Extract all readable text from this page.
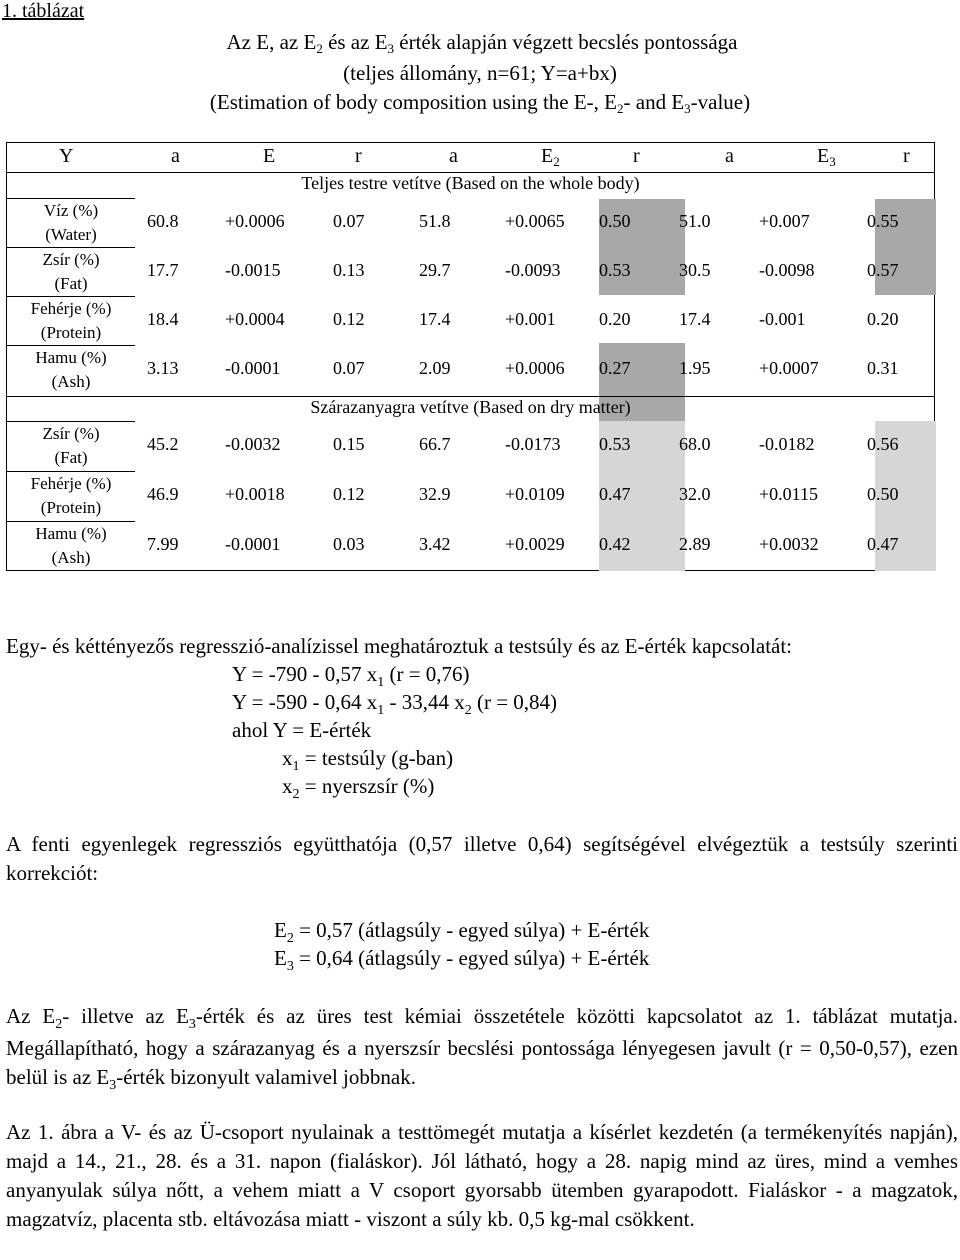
1. táblázat
Az E, az E2 és az E3 érték alapján végzett becslés pontossága
(teljes állomány, n=61; Y=a+bx)
(Estimation of body composition using the E-, E2- and E3-value)
Y	a	E	r	a	$E_2$	r	a	$E_3$	r
Teljes testre vetítve (Based on the whole body)
Víz (%)
(Water)
60.8	+0.0006	0.07	51.8	+0.0065 0.50	51.0	+0.007	0.55
Zsír (%)
(Fat)
17.7	-0.0015	0.13	29.7	-0.0093 0.53	30.5	-0.0098	0.57
Fehérje (%)
(Protein)
18.4	+0.0004	0.12	17.4	+0.001 0.20	17.4	-0.001	0.20
Hamu (%)
(Ash)
3.13	-0.0001	0.07	2.09	+0.0006 0.27	1.95	+0.0007	0.31
Szárazanyagra vetítve (Based on dry matter)
Zsír (%)
(Fat)
45.2	-0.0032	0.15	66.7	-0.0173 0.53	68.0	-0.0182	0.56
Fehérje (%)
(Protein)
46.9	+0.0018	0.12	32.9	+0.0109 0.47	32.0	+0.0115	0.50
Hamu (%)
(Ash)
7.99	-0.0001	0.03	3.42	+0.0029 0.42	2.89	+0.0032	0.47
Egy- és kéttényezős regresszió-analízissel meghatároztuk a testsúly és az E-érték kapcsolatát:
Y = -790 - 0,57 $x_1$ (r = 0,76)
Y = -590 - 0,64 $x_1 - 33,44$ $x_2$ (r = 0,84)
ahol Y = E-érték
$x_1$ = testsúly (g-ban)
$x_2$ = nyerszsír (%)
A fenti egyenlegek regressziós együtthatója (0,57 illetve 0,64) segítségével elvégeztük a testsúly szerinti korrekciót:
$E_2 = 0,57$ (átlagsúly - egyed súlya) + E-érték
$E_3 = 0,64$ (átlagsúly - egyed súlya) + E-érték
Az $E_2-$ illetve az $E_3$-érték és az üres test kémiai összetétele közötti kapcsolatot az 1. táblázat mutatja. Megállapítható, hogy a szárazanyag és a nyerszsír becslési pontossága lényegesen javult (r = 0,50-0,57), ezen belül is az $E_3$-érték bizonyult valamivel jobbnak.
Az 1. ábra a V- és az Ü-csoport nyulainak a testtömegét mutatja a kísérlet kezdetén (a termékenyítés napján), majd a 14., 21., 28. és a 31. napon (fialáskor). Jól látható, hogy a 28. napig mind az üres, mind a vemhes anyanyulak súlya nőtt, a vehem miatt a V csoport gyorsabb ütemben gyarapodott. Fialáskor - a magzatok, magzatvíz, placenta stb. eltávozása miatt - viszont a súly kb. 0,5 kg-mal csökkent.
